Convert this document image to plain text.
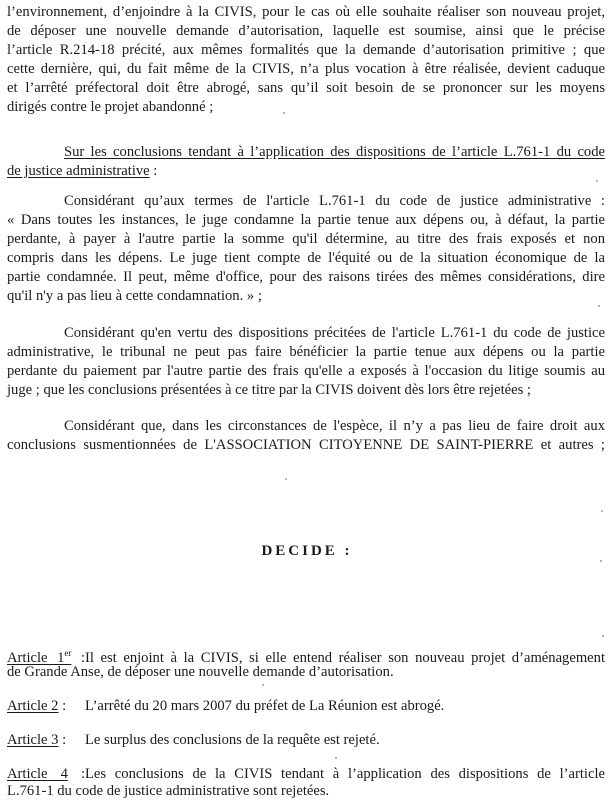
l’environnement, d’enjoindre à la CIVIS, pour le cas où elle souhaite réaliser son nouveau projet,
de déposer une nouvelle demande d’autorisation, laquelle est soumise, ainsi que le précise
l’article R.214-18 précité, aux mêmes formalités que la demande d’autorisation primitive ; que
cette dernière, qui, du fait même de la CIVIS, n’a plus vocation à être réalisée, devient caduque
et l’arrêté préfectoral doit être abrogé, sans qu’il soit besoin de se prononcer sur les moyens
dirigés contre le projet abandonné ;
Sur les conclusions tendant à l’application des dispositions de l’article L.761-1 du code
de justice administrative :
Considérant qu’aux termes de l'article L.761-1 du code de justice administrative :
« Dans toutes les instances, le juge condamne la partie tenue aux dépens ou, à défaut, la partie
perdante, à payer à l'autre partie la somme qu'il détermine, au titre des frais exposés et non
compris dans les dépens. Le juge tient compte de l'équité ou de la situation économique de la
partie condamnée. Il peut, même d'office, pour des raisons tirées des mêmes considérations, dire
qu'il n'y a pas lieu à cette condamnation. » ;
Considérant qu'en vertu des dispositions précitées de l'article L.761-1 du code de justice
administrative, le tribunal ne peut pas faire bénéficier la partie tenue aux dépens ou la partie
perdante du paiement par l'autre partie des frais qu'elle a exposés à l'occasion du litige soumis au
juge ; que les conclusions présentées à ce titre par la CIVIS doivent dès lors être rejetées ;
Considérant que, dans les circonstances de l'espèce, il n’y a pas lieu de faire droit aux
conclusions susmentionnées de L'ASSOCIATION CITOYENNE DE SAINT-PIERRE et autres ;
DECIDE :
Article 1er :Il est enjoint à la CIVIS, si elle entend réaliser son nouveau projet d’aménagement
de Grande Anse, de déposer une nouvelle demande d’autorisation.
Article 2 : L’arrêté du 20 mars 2007 du préfet de La Réunion est abrogé.
Article 3 : Le surplus des conclusions de la requête est rejeté.
Article 4 :Les conclusions de la CIVIS tendant à l’application des dispositions de l’article
L.761-1 du code de justice administrative sont rejetées.
